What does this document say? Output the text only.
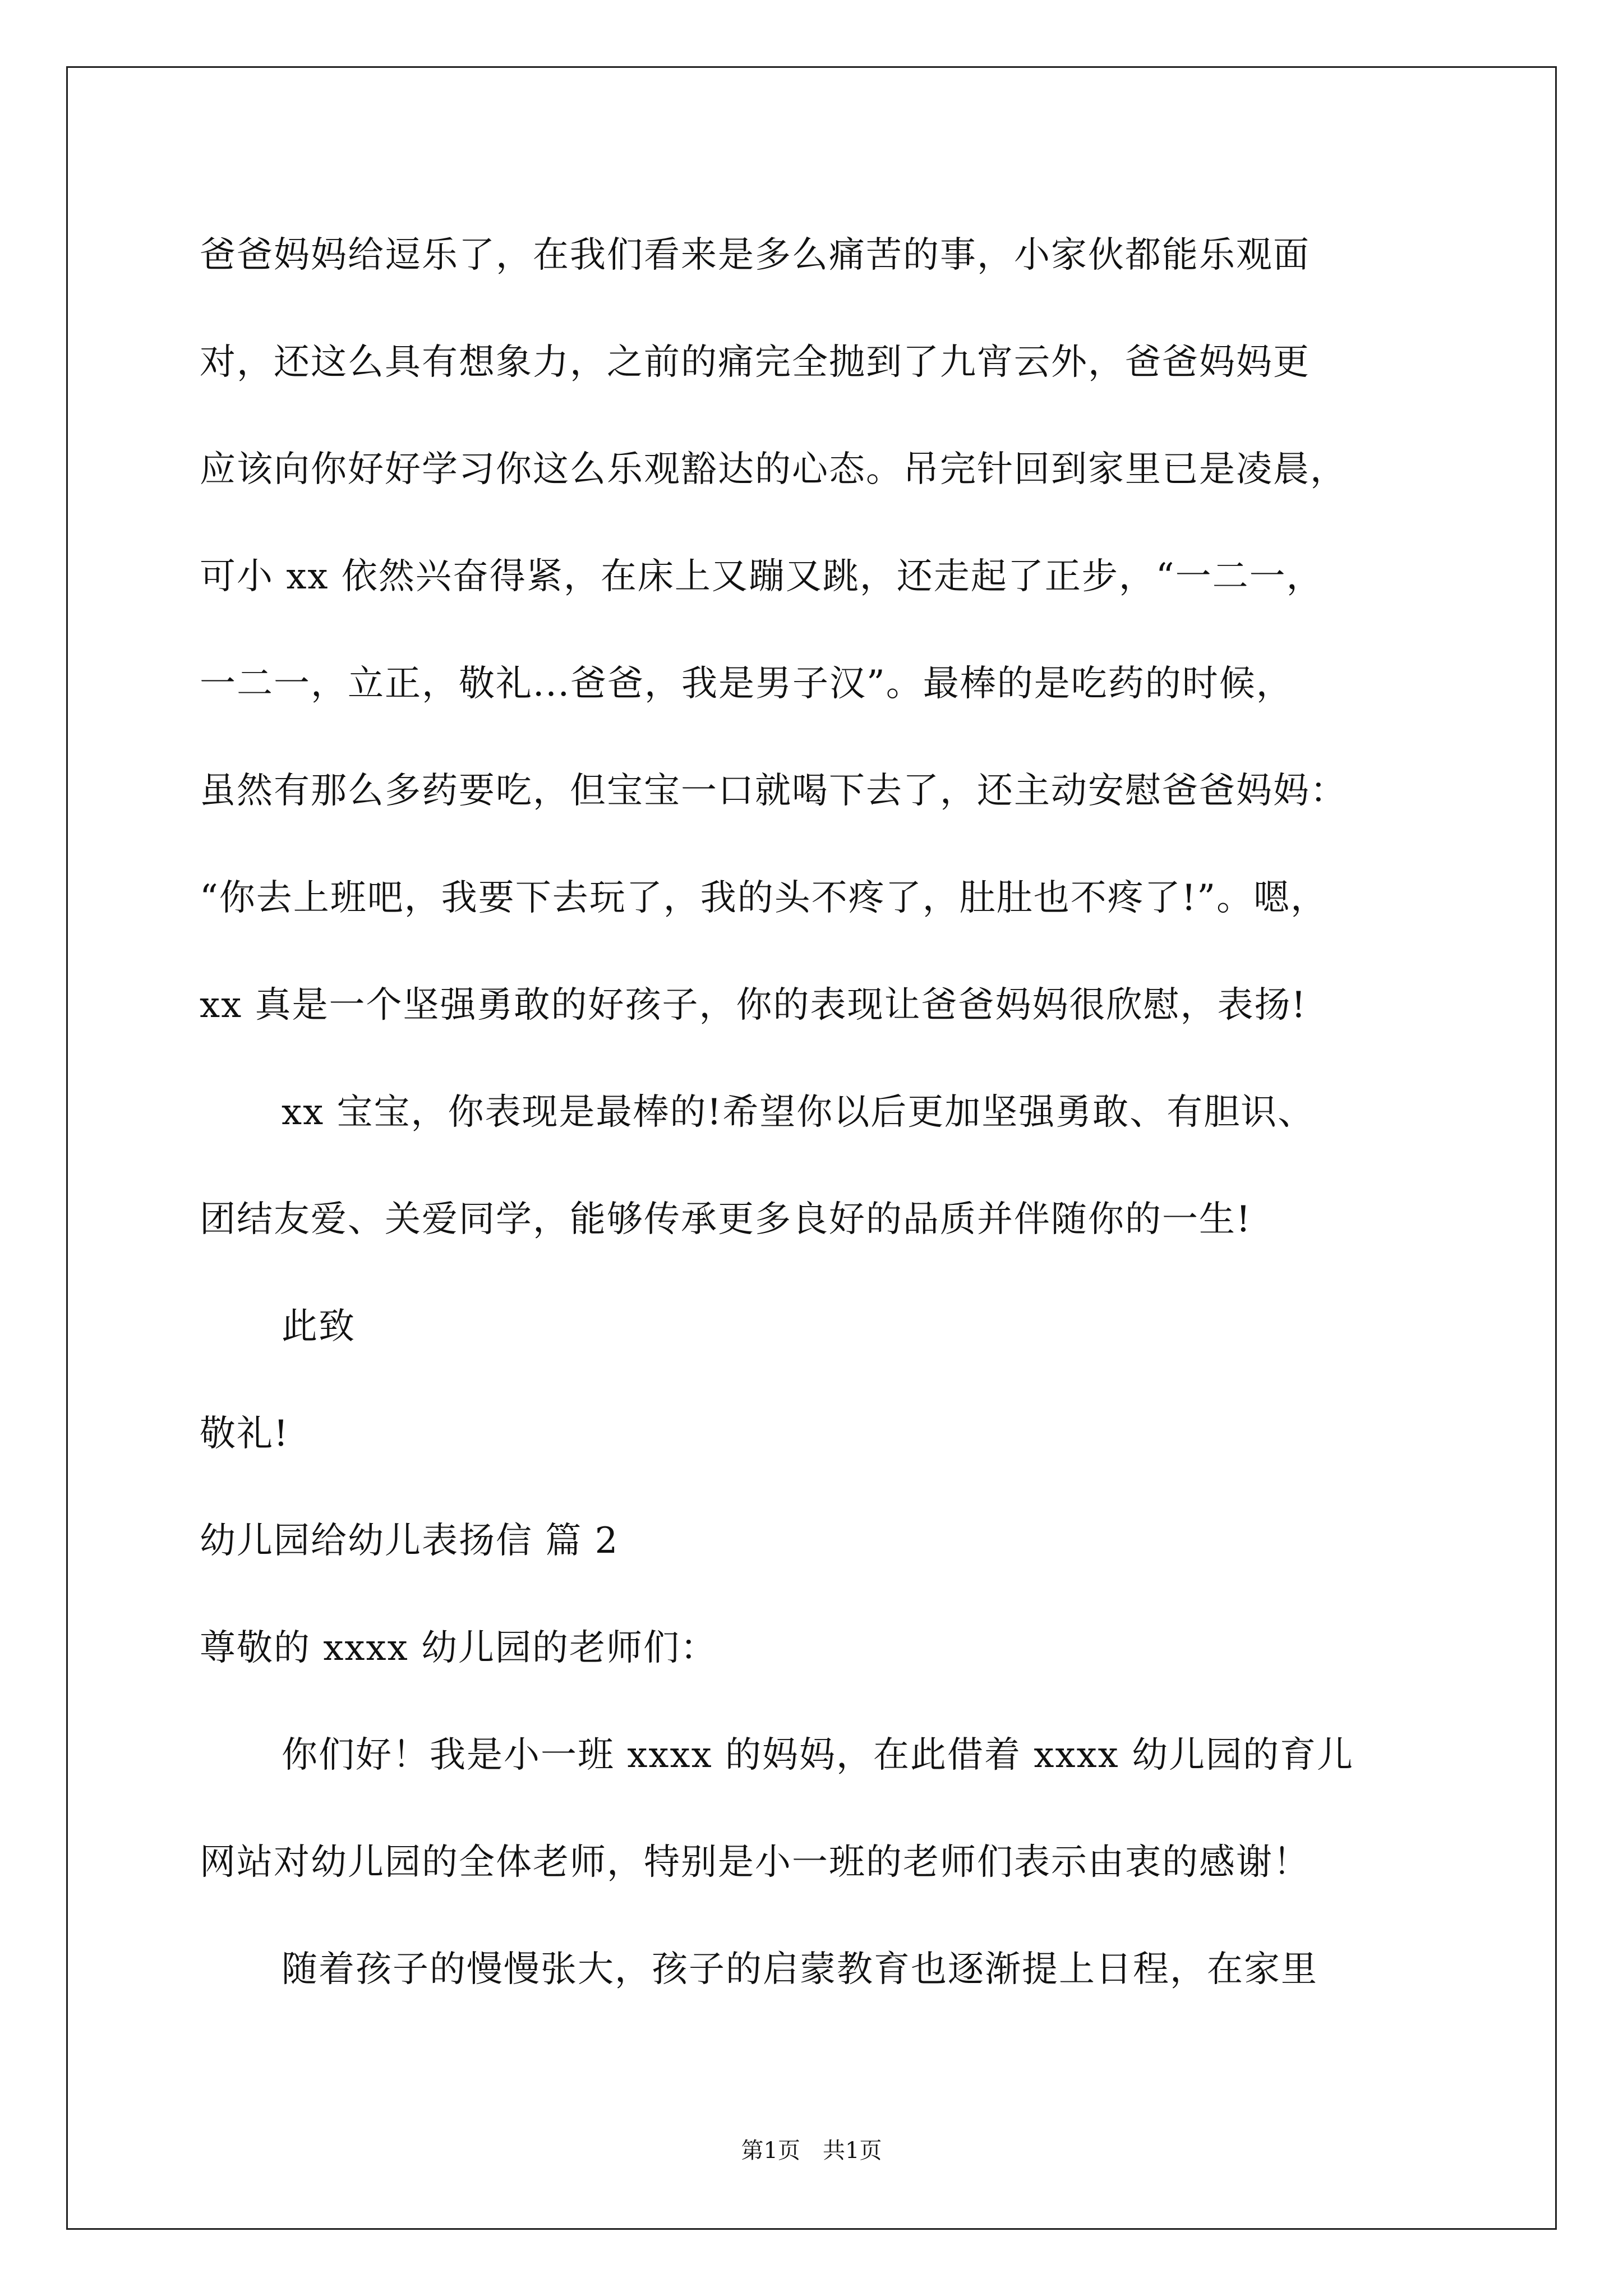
爸爸妈妈给逗乐了，在我们看来是多么痛苦的事，小家伙都能乐观面
对，还这么具有想象力，之前的痛完全抛到了九宵云外，爸爸妈妈更
应该向你好好学习你这么乐观豁达的心态。吊完针回到家里已是凌晨，
可小 xx 依然兴奋得紧，在床上又蹦又跳，还走起了正步，“一二一，
一二一，立正，敬礼...爸爸，我是男子汉”。最棒的是吃药的时候，
虽然有那么多药要吃，但宝宝一口就喝下去了，还主动安慰爸爸妈妈：
“你去上班吧，我要下去玩了，我的头不疼了，肚肚也不疼了!”。嗯，
xx 真是一个坚强勇敢的好孩子，你的表现让爸爸妈妈很欣慰，表扬!
xx 宝宝，你表现是最棒的!希望你以后更加坚强勇敢、有胆识、
团结友爱、关爱同学，能够传承更多良好的品质并伴随你的一生!
此致
敬礼!
幼儿园给幼儿表扬信 篇 2
尊敬的 xxxx 幼儿园的老师们：
你们好！我是小一班 xxxx 的妈妈，在此借着 xxxx 幼儿园的育儿
网站对幼儿园的全体老师，特别是小一班的老师们表示由衷的感谢！
随着孩子的慢慢张大，孩子的启蒙教育也逐渐提上日程，在家里
第1页 共1页
